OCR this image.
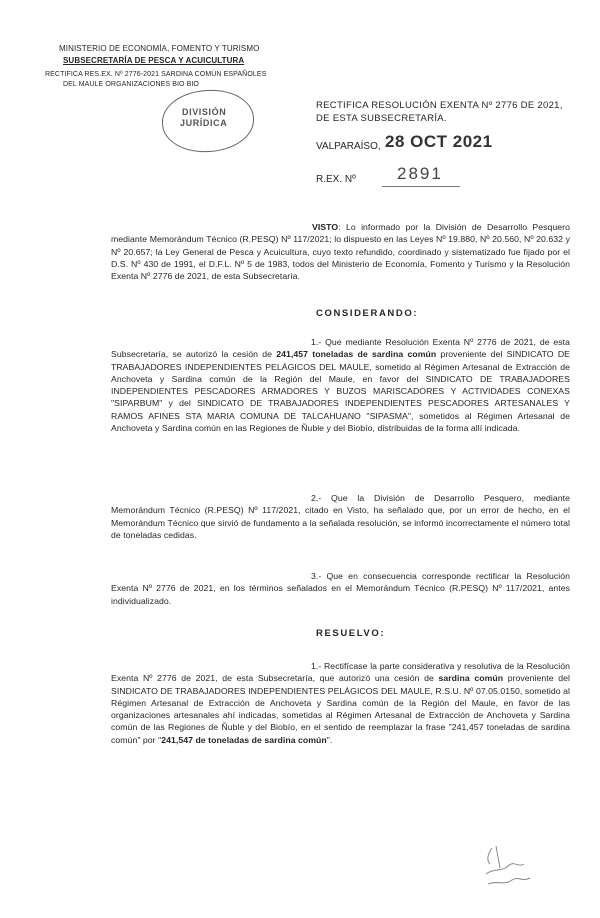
MINISTERIO DE ECONOMÍA, FOMENTO Y TURISMO
SUBSECRETARÍA DE PESCA Y ACUICULTURA
RECTIFICA RES.EX. Nº 2776-2021 SARDINA COMÚN ESPAÑOLES
DEL MAULE ORGANIZACIONES BIO BIO
DIVISIÓN
JURÍDICA
RECTIFICA RESOLUCIÓN EXENTA Nº 2776 DE 2021,
DE ESTA SUBSECRETARÍA.
VALPARAÍSO, 28 OCT 2021
R.EX. Nº 2891
VISTO: Lo informado por la División de Desarrollo Pesquero mediante Memorándum Técnico (R.PESQ) Nº 117/2021; lo dispuesto en las Leyes Nº 19.880, Nº 20.560, Nº 20.632 y Nº 20.657; la Ley General de Pesca y Acuicultura, cuyo texto refundido, coordinado y sistematizado fue fijado por el D.S. Nº 430 de 1991, el D.F.L. Nº 5 de 1983, todos del Ministerio de Economía, Fomento y Turismo y la Resolución Exenta Nº 2776 de 2021, de esta Subsecretaría.
CONSIDERANDO:
1.- Que mediante Resolución Exenta Nº 2776 de 2021, de esta Subsecretaría, se autorizó la cesión de 241,457 toneladas de sardina común proveniente del SINDICATO DE TRABAJADORES INDEPENDIENTES PELÁGICOS DEL MAULE, sometido al Régimen Artesanal de Extracción de Anchoveta y Sardina común de la Región del Maule, en favor del SINDICATO DE TRABAJADORES INDEPENDIENTES PESCADORES ARMADORES Y BUZOS MARISCADORES Y ACTIVIDADES CONEXAS "SIPARBUM" y del SINDICATO DE TRABAJADORES INDEPENDIENTES PESCADORES ARTESANALES Y RAMOS AFINES STA MARIA COMUNA DE TALCAHUANO "SIPASMA", sometidos al Régimen Artesanal de Anchoveta y Sardina común en las Regiones de Ñuble y del Biobío, distribuidas de la forma allí indicada.
2.- Que la División de Desarrollo Pesquero, mediante Memorándum Técnico (R.PESQ) Nº 117/2021, citado en Visto, ha señalado que, por un error de hecho, en el Memorándum Técnico que sirvió de fundamento a la señalada resolución, se informó incorrectamente el número total de toneladas cedidas.
3.- Que en consecuencia corresponde rectificar la Resolución Exenta Nº 2776 de 2021, en los términos señalados en el Memorándum Técnico (R.PESQ) Nº 117/2021, antes individualizado.
RESUELVO:
1.- Rectifícase la parte considerativa y resolutiva de la Resolución Exenta Nº 2776 de 2021, de esta Subsecretaría, que autorizó una cesión de sardina común proveniente del SINDICATO DE TRABAJADORES INDEPENDIENTES PELÁGICOS DEL MAULE, R.S.U. Nº 07.05.0150, sometido al Régimen Artesanal de Extracción de Anchoveta y Sardina común de la Región del Maule, en favor de las organizaciones artesanales ahí indicadas, sometidas al Régimen Artesanal de Extracción de Anchoveta y Sardina común de las Regiones de Ñuble y del Biobío, en el sentido de reemplazar la frase "241,457 toneladas de sardina común" por "241,547 de toneladas de sardina común".
